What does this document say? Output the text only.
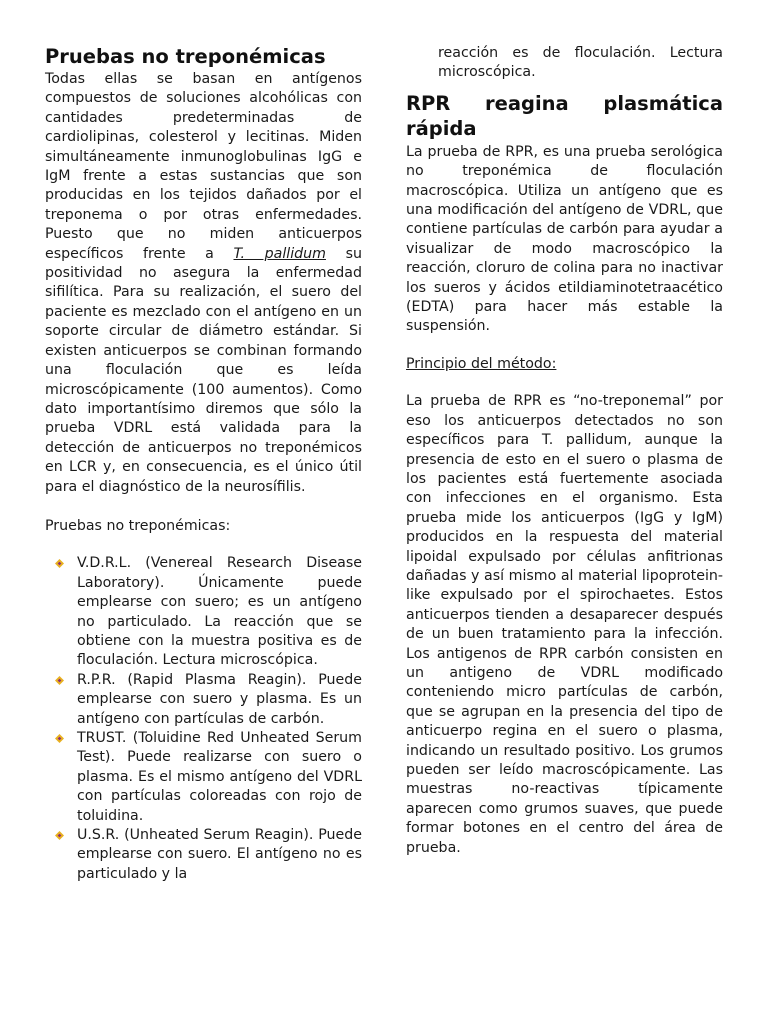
Pruebas no treponémicas

Todas ellas se basan en antígenos compuestos de soluciones alcohólicas con cantidades predeterminadas de cardiolipinas, colesterol y lecitinas. Miden simultáneamente inmunoglobulinas IgG e IgM frente a estas sustancias que son producidas en los tejidos dañados por el treponema o por otras enfermedades. Puesto que no miden anticuerpos específicos frente a T. pallidum su positividad no asegura la enfermedad sifilítica. Para su realización, el suero del paciente es mezclado con el antígeno en un soporte circular de diámetro estándar. Si existen anticuerpos se combinan formando una floculación que es leída microscópicamente (100 aumentos). Como dato importantísimo diremos que sólo la prueba VDRL está validada para la detección de anticuerpos no treponémicos en LCR y, en consecuencia, es el único útil para el diagnóstico de la neurosífilis.

Pruebas no treponémicas:

V.D.R.L. (Venereal Research Disease Laboratory). Únicamente puede emplearse con suero; es un antígeno no particulado. La reacción que se obtiene con la muestra positiva es de floculación. Lectura microscópica.
R.P.R. (Rapid Plasma Reagin). Puede emplearse con suero y plasma. Es un antígeno con partículas de carbón.
TRUST. (Toluidine Red Unheated Serum Test). Puede realizarse con suero o plasma. Es el mismo antígeno del VDRL con partículas coloreadas con rojo de toluidina.
U.S.R. (Unheated Serum Reagin). Puede emplearse con suero. El antígeno no es particulado y la

reacción es de floculación. Lectura microscópica.

RPR reagina plasmática
rápida

La prueba de RPR, es una prueba serológica no treponémica de floculación macroscópica. Utiliza un antígeno que es una modificación del antígeno de VDRL, que contiene partículas de carbón para ayudar a visualizar de modo macroscópico la reacción, cloruro de colina para no inactivar los sueros y ácidos etildiaminotetraacético (EDTA) para hacer más estable la suspensión.

Principio del método:

La prueba de RPR es “no-treponemal” por eso los anticuerpos detectados no son específicos para T. pallidum, aunque la presencia de esto en el suero o plasma de los pacientes está fuertemente asociada con infecciones en el organismo. Esta prueba mide los anticuerpos (IgG y IgM) producidos en la respuesta del material lipoidal expulsado por células anfitrionas dañadas y así mismo al material lipoprotein-like expulsado por el spirochaetes. Estos anticuerpos tienden a desaparecer después de un buen tratamiento para la infección. Los antigenos de RPR carbón consisten en un antigeno de VDRL modificado conteniendo micro partículas de carbón, que se agrupan en la presencia del tipo de anticuerpo regina en el suero o plasma, indicando un resultado positivo. Los grumos pueden ser leído macroscópicamente. Las muestras no-reactivas típicamente aparecen como grumos suaves, que puede formar botones en el centro del área de prueba.
